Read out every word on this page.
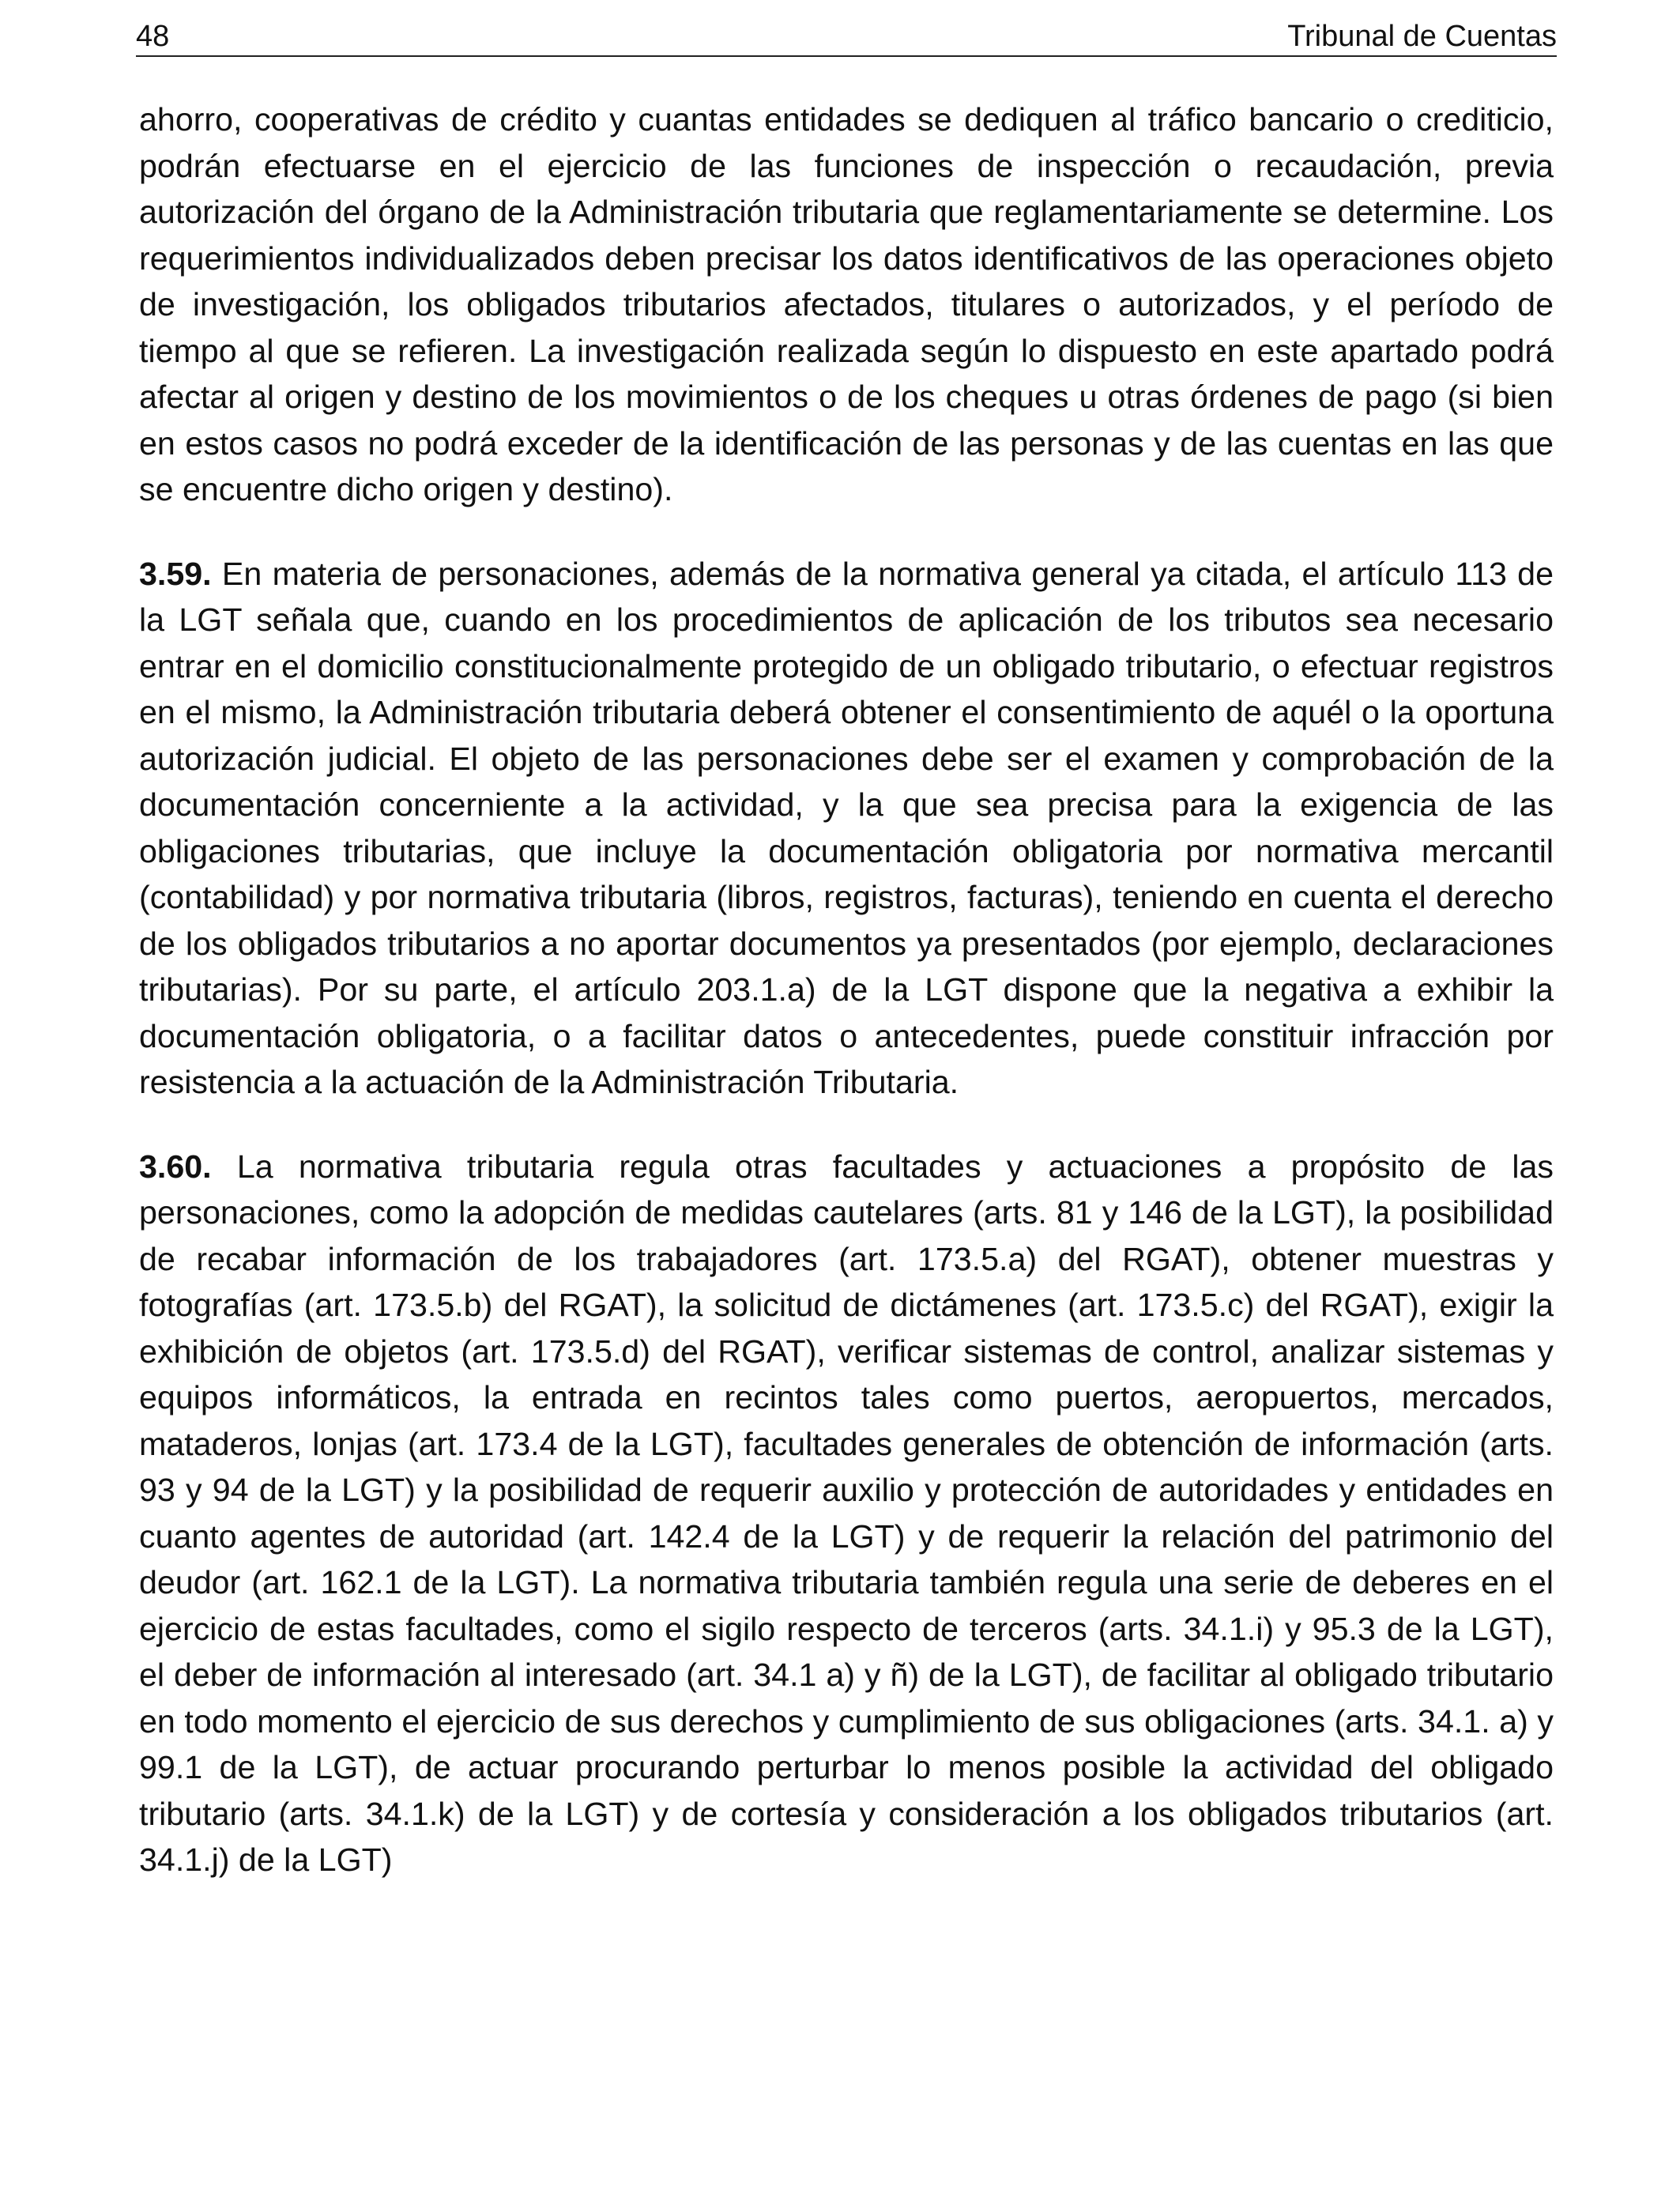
48	Tribunal de Cuentas

ahorro, cooperativas de crédito y cuantas entidades se dediquen al tráfico bancario o crediticio, podrán efectuarse en el ejercicio de las funciones de inspección o recaudación, previa autorización del órgano de la Administración tributaria que reglamentariamente se determine. Los requerimientos individualizados deben precisar los datos identificativos de las operaciones objeto de investigación, los obligados tributarios afectados, titulares o autorizados, y el período de tiempo al que se refieren. La investigación realizada según lo dispuesto en este apartado podrá afectar al origen y destino de los movimientos o de los cheques u otras órdenes de pago (si bien en estos casos no podrá exceder de la identificación de las personas y de las cuentas en las que se encuentre dicho origen y destino).

3.59. En materia de personaciones, además de la normativa general ya citada, el artículo 113 de la LGT señala que, cuando en los procedimientos de aplicación de los tributos sea necesario entrar en el domicilio constitucionalmente protegido de un obligado tributario, o efectuar registros en el mismo, la Administración tributaria deberá obtener el consentimiento de aquél o la oportuna autorización judicial. El objeto de las personaciones debe ser el examen y comprobación de la documentación concerniente a la actividad, y la que sea precisa para la exigencia de las obligaciones tributarias, que incluye la documentación obligatoria por normativa mercantil (contabilidad) y por normativa tributaria (libros, registros, facturas), teniendo en cuenta el derecho de los obligados tributarios a no aportar documentos ya presentados (por ejemplo, declaraciones tributarias). Por su parte, el artículo 203.1.a) de la LGT dispone que la negativa a exhibir la documentación obligatoria, o a facilitar datos o antecedentes, puede constituir infracción por resistencia a la actuación de la Administración Tributaria.

3.60. La normativa tributaria regula otras facultades y actuaciones a propósito de las personaciones, como la adopción de medidas cautelares (arts. 81 y 146 de la LGT), la posibilidad de recabar información de los trabajadores (art. 173.5.a) del RGAT), obtener muestras y fotografías (art. 173.5.b) del RGAT), la solicitud de dictámenes (art. 173.5.c) del RGAT), exigir la exhibición de objetos (art. 173.5.d) del RGAT), verificar sistemas de control, analizar sistemas y equipos informáticos, la entrada en recintos tales como puertos, aeropuertos, mercados, mataderos, lonjas (art. 173.4 de la LGT), facultades generales de obtención de información (arts. 93 y 94 de la LGT) y la posibilidad de requerir auxilio y protección de autoridades y entidades en cuanto agentes de autoridad (art. 142.4 de la LGT) y de requerir la relación del patrimonio del deudor (art. 162.1 de la LGT). La normativa tributaria también regula una serie de deberes en el ejercicio de estas facultades, como el sigilo respecto de terceros (arts. 34.1.i) y 95.3 de la LGT), el deber de información al interesado (art. 34.1 a) y ñ) de la LGT), de facilitar al obligado tributario en todo momento el ejercicio de sus derechos y cumplimiento de sus obligaciones (arts. 34.1. a) y 99.1 de la LGT), de actuar procurando perturbar lo menos posible la actividad del obligado tributario (arts. 34.1.k) de la LGT) y de cortesía y consideración a los obligados tributarios (art. 34.1.j) de la LGT)
